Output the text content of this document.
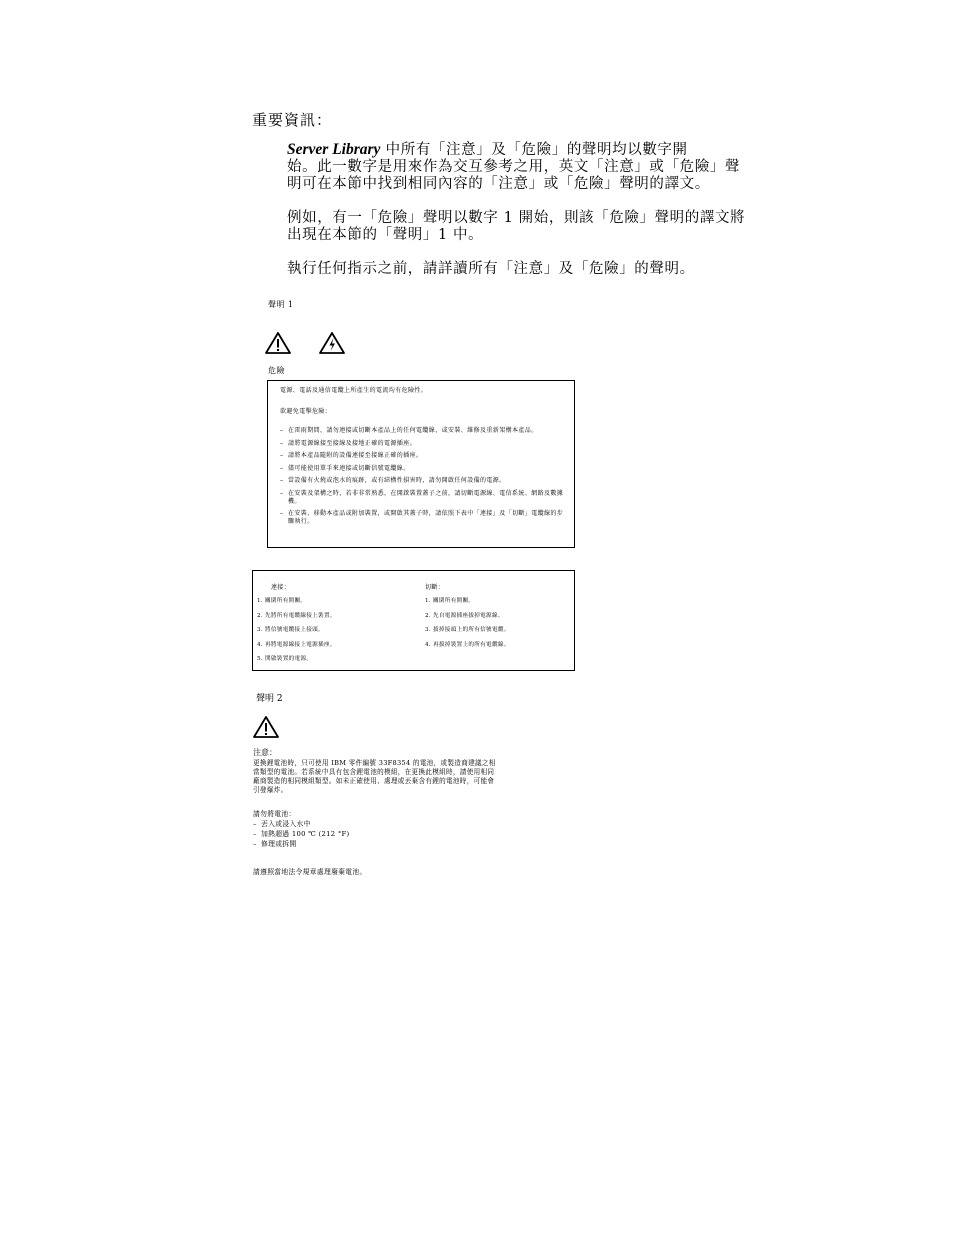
重要資訊：
Server Library 中所有「注意」及「危險」的聲明均以數字開
始。此一數字是用來作為交互參考之用，英文「注意」或「危險」聲
明可在本節中找到相同內容的「注意」或「危險」聲明的譯文。
例如，有一「危險」聲明以數字 1 開始，則該「危險」聲明的譯文將
出現在本節的「聲明」1 中。
執行任何指示之前，請詳讀所有「注意」及「危險」的聲明。
聲明 1
危險
電源、電話及通信電纜上所產生的電流均有危險性。
欲避免電擊危險：
– 在雷雨期間，請勿連接或切斷本產品上的任何電纜線，或安裝、維修及重新架構本產品。
– 請將電源線接至接線及接地正確的電源插座。
– 請將本產品隨附的設備連接至接線正確的插座。
– 儘可能使用單手來連接或切斷信號電纜線。
– 當設備有火燒或泡水的痕跡，或有結構性損害時，請勿開啟任何設備的電源。
– 在安裝及架構之時，若非非常熟悉，在開啟裝置蓋子之前，請切斷電源線、電信系統、網路及數據機。
– 在安裝、移動本產品或附加裝置，或開啟其蓋子時，請依照下表中「連接」及「切斷」電纜線的步驟執行。
連接：
1. 關閉所有開關。
2. 先將所有電纜線接上裝置。
3. 將信號電纜接上接頭。
4. 再將電源線接上電源插座。
5. 開啟裝置的電源。
切斷：
1. 關閉所有開關。
2. 先自電源插座拔掉電源線。
3. 拔掉接頭上的所有信號電纜。
4. 再拔掉裝置上的所有電纜線。
聲明 2
注意：
更換鋰電池時，只可使用 IBM 零件編號 33F8354 的電池，或製造商建議之相
當類型的電池。若系統中具有包含鋰電池的模組，在更換此模組時，請使用相同
廠商製造的相同模組類型。如未正確使用、處理或丟棄含有鋰的電池時，可能會
引發爆炸。
請勿將電池：
– 丟入或浸入水中
– 加熱超過 100 ℃ (212 °F)
– 修理或拆開
請遵照當地法令規章處理廢棄電池。
